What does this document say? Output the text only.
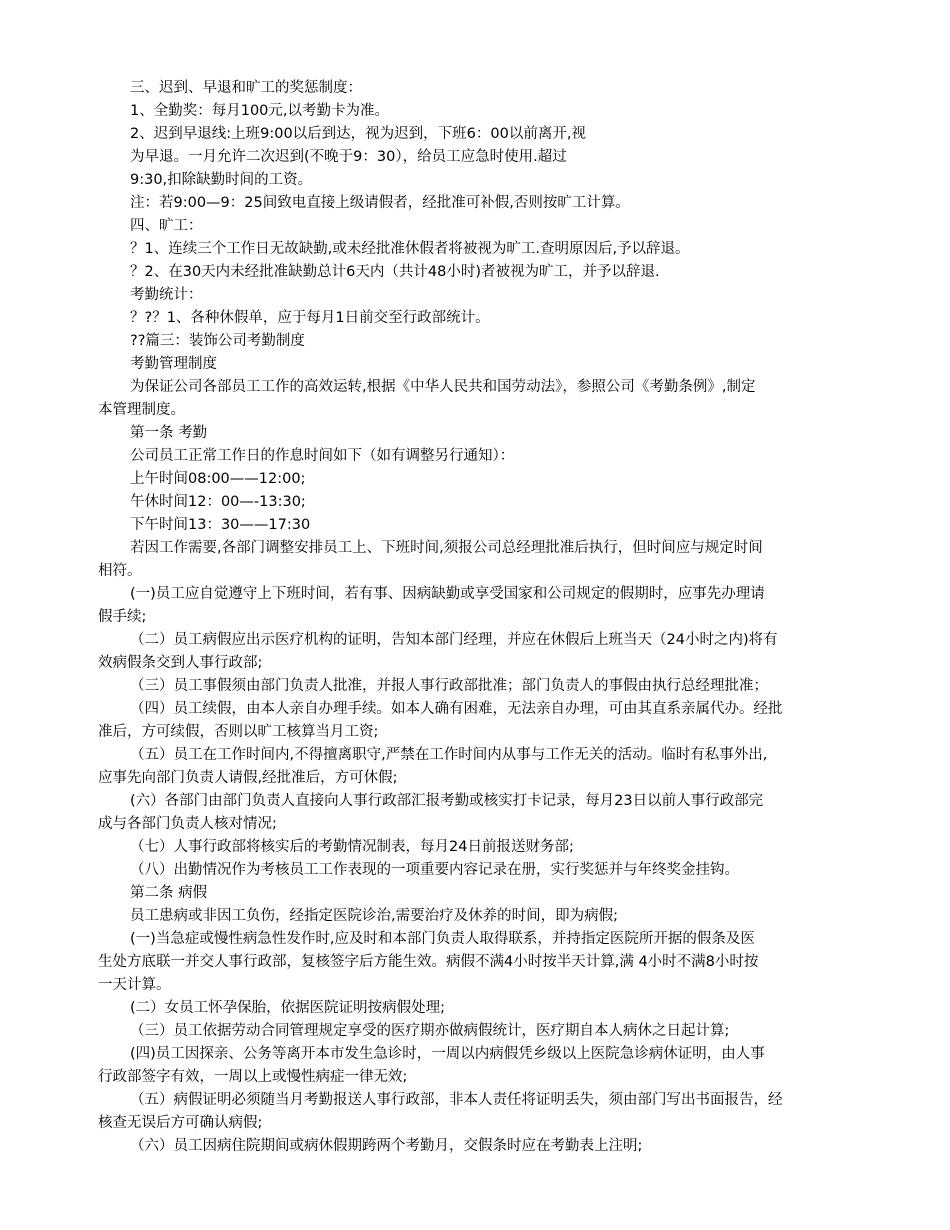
三、迟到、早退和旷工的奖惩制度：
1、全勤奖：每月100元,以考勤卡为准。
2、迟到早退线:上班9:00以后到达，视为迟到，下班6：00以前离开,视
为早退。一月允许二次迟到(不晚于9：30），给员工应急时使用.超过
9:30,扣除缺勤时间的工资。
注：若9:00—9：25间致电直接上级请假者，经批准可补假,否则按旷工计算。
四、旷工：
？1、连续三个工作日无故缺勤,或未经批准休假者将被视为旷工.查明原因后,予以辞退。
？2、在30天内未经批准缺勤总计6天内（共计48小时)者被视为旷工，并予以辞退.
考勤统计：
？?？1、各种休假单，应于每月1日前交至行政部统计。
??篇三：装饰公司考勤制度
考勤管理制度
为保证公司各部员工工作的高效运转,根据《中华人民共和国劳动法》，参照公司《考勤条例》,制定
本管理制度。
第一条 考勤
公司员工正常工作日的作息时间如下（如有调整另行通知）：
上午时间08:00——12:00;
午休时间12：00—-13:30;
下午时间13：30——17:30
若因工作需要,各部门调整安排员工上、下班时间,须报公司总经理批准后执行，但时间应与规定时间
相符。
(一)员工应自觉遵守上下班时间，若有事、因病缺勤或享受国家和公司规定的假期时，应事先办理请
假手续;
（二）员工病假应出示医疗机构的证明，告知本部门经理，并应在休假后上班当天（24小时之内)将有
效病假条交到人事行政部;
（三）员工事假须由部门负责人批准，并报人事行政部批准；部门负责人的事假由执行总经理批准；
（四）员工续假，由本人亲自办理手续。如本人确有困难，无法亲自办理，可由其直系亲属代办。经批
准后，方可续假，否则以旷工核算当月工资;
（五）员工在工作时间内,不得擅离职守,严禁在工作时间内从事与工作无关的活动。临时有私事外出,
应事先向部门负责人请假,经批准后，方可休假;
(六）各部门由部门负责人直接向人事行政部汇报考勤或核实打卡记录，每月23日以前人事行政部完
成与各部门负责人核对情况;
（七）人事行政部将核实后的考勤情况制表，每月24日前报送财务部;
（八）出勤情况作为考核员工工作表现的一项重要内容记录在册，实行奖惩并与年终奖金挂钩。
第二条 病假
员工患病或非因工负伤，经指定医院诊治,需要治疗及休养的时间，即为病假;
(一)当急症或慢性病急性发作时,应及时和本部门负责人取得联系，并持指定医院所开据的假条及医
生处方底联一并交人事行政部，复核签字后方能生效。病假不满4小时按半天计算,满 4小时不满8小时按
一天计算。
(二）女员工怀孕保胎，依据医院证明按病假处理;
（三）员工依据劳动合同管理规定享受的医疗期亦做病假统计，医疗期自本人病休之日起计算;
(四)员工因探亲、公务等离开本市发生急诊时，一周以内病假凭乡级以上医院急诊病休证明，由人事
行政部签字有效，一周以上或慢性病症一律无效;
（五）病假证明必须随当月考勤报送人事行政部，非本人责任将证明丢失，须由部门写出书面报告，经
核查无误后方可确认病假;
（六）员工因病住院期间或病休假期跨两个考勤月，交假条时应在考勤表上注明;
